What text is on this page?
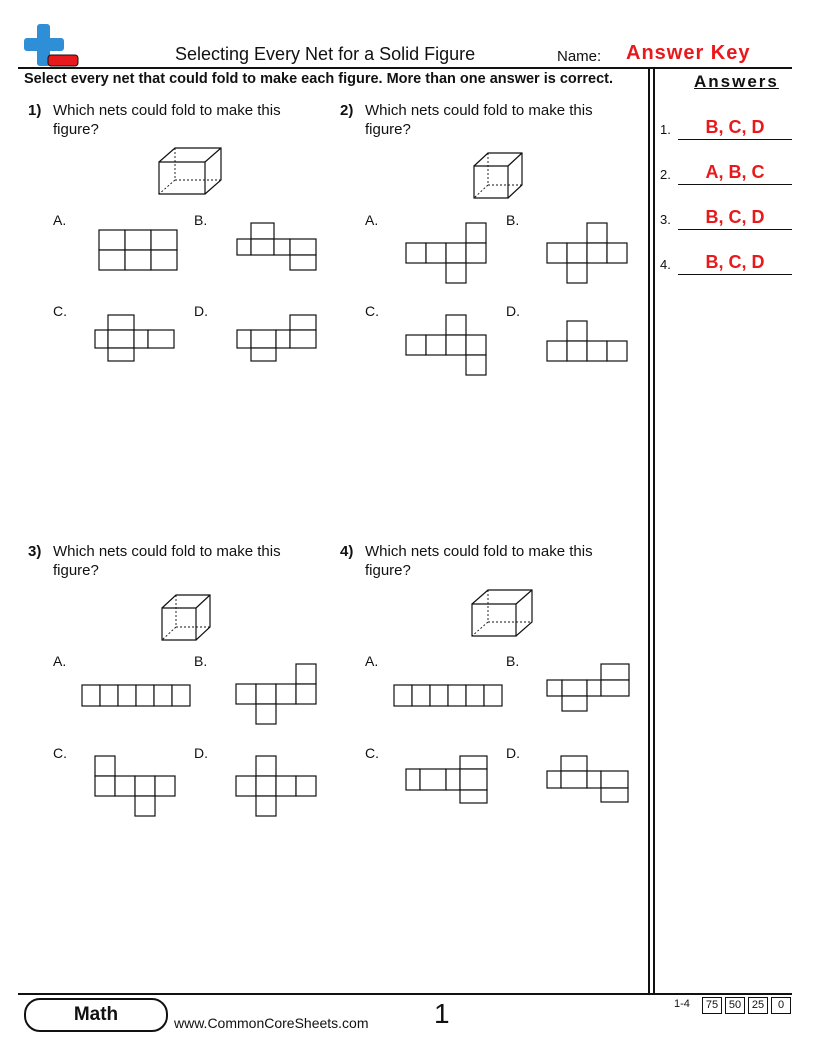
Selecting Every Net for a Solid Figure	Name: Answer Key
Select every net that could fold to make each figure. More than one answer is correct.	Answers
1.	B, C, D
2.	A, B, C
3.	B, C, D
4.	B, C, D
1) Which nets could fold to make this figure?
A.	B.
C.	D.
2) Which nets could fold to make this figure?
A.	B.
C.	D.
3) Which nets could fold to make this figure?
A.	B.
C.	D.
4) Which nets could fold to make this figure?
A.	B.
C.	D.
Math	www.CommonCoreSheets.com 1	1-4	75 50 25	0
